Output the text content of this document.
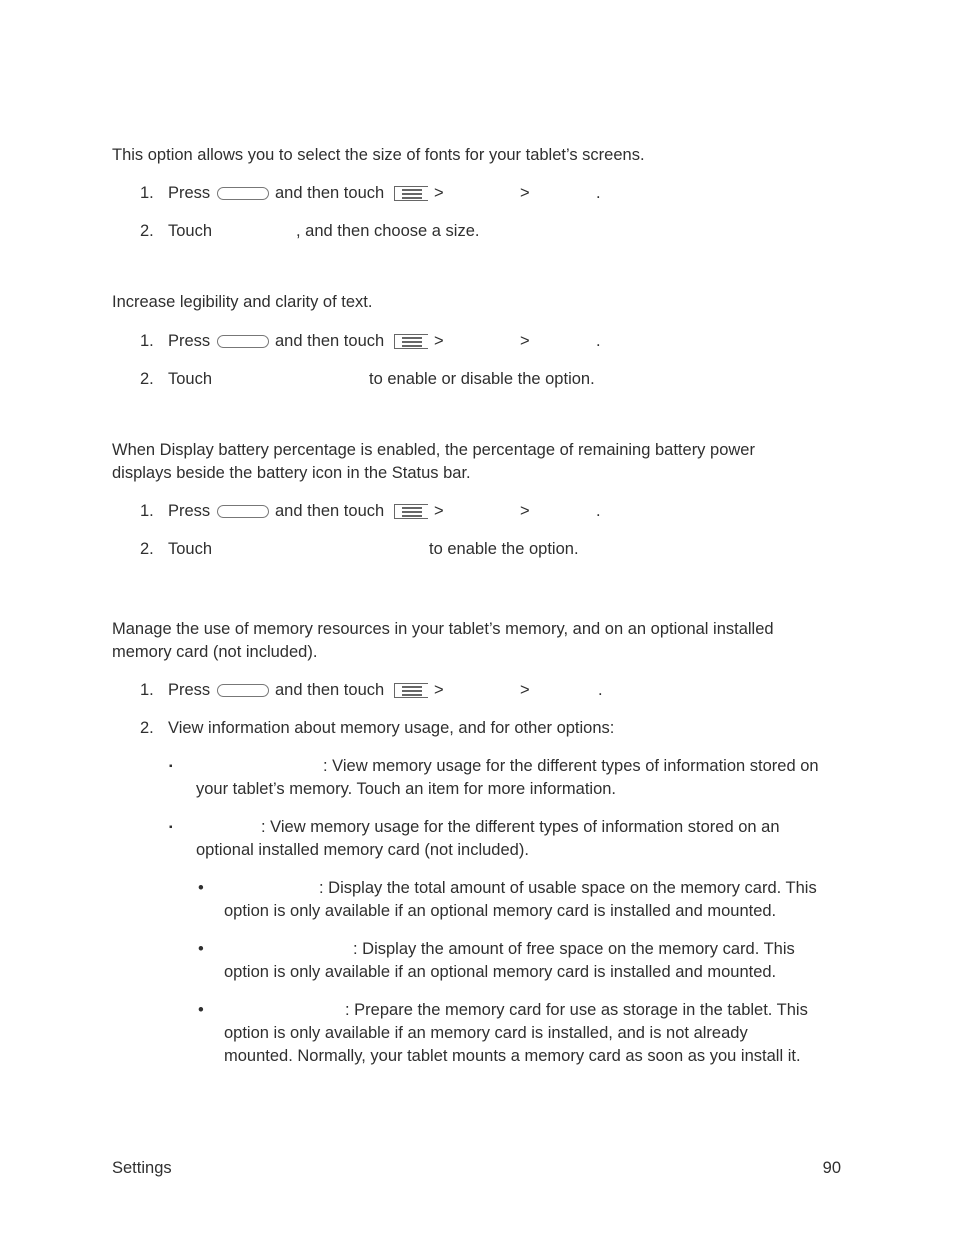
This option allows you to select the size of fonts for your tablet’s screens.
1. Press	and then touch	>	>	.
2. Touch	, and then choose a size.
Increase legibility and clarity of text.
1. Press	and then touch	>	>	.
2. Touch	to enable or disable the option.
When Display battery percentage is enabled, the percentage of remaining battery power
displays beside the battery icon in the Status bar.
1. Press	and then touch	>	>	.
2. Touch	to enable the option.
Manage the use of memory resources in your tablet’s memory, and on an optional installed
memory card (not included).
1. Press	and then touch	>	>	.
2. View information about memory usage, and for other options:
▪	: View memory usage for the different types of information stored on
your tablet’s memory. Touch an item for more information.
▪	: View memory usage for the different types of information stored on an
optional installed memory card (not included).
•	: Display the total amount of usable space on the memory card. This
option is only available if an optional memory card is installed and mounted.
•	: Display the amount of free space on the memory card. This
option is only available if an optional memory card is installed and mounted.
•	: Prepare the memory card for use as storage in the tablet. This
option is only available if an memory card is installed, and is not already
mounted. Normally, your tablet mounts a memory card as soon as you install it.
Settings	90
